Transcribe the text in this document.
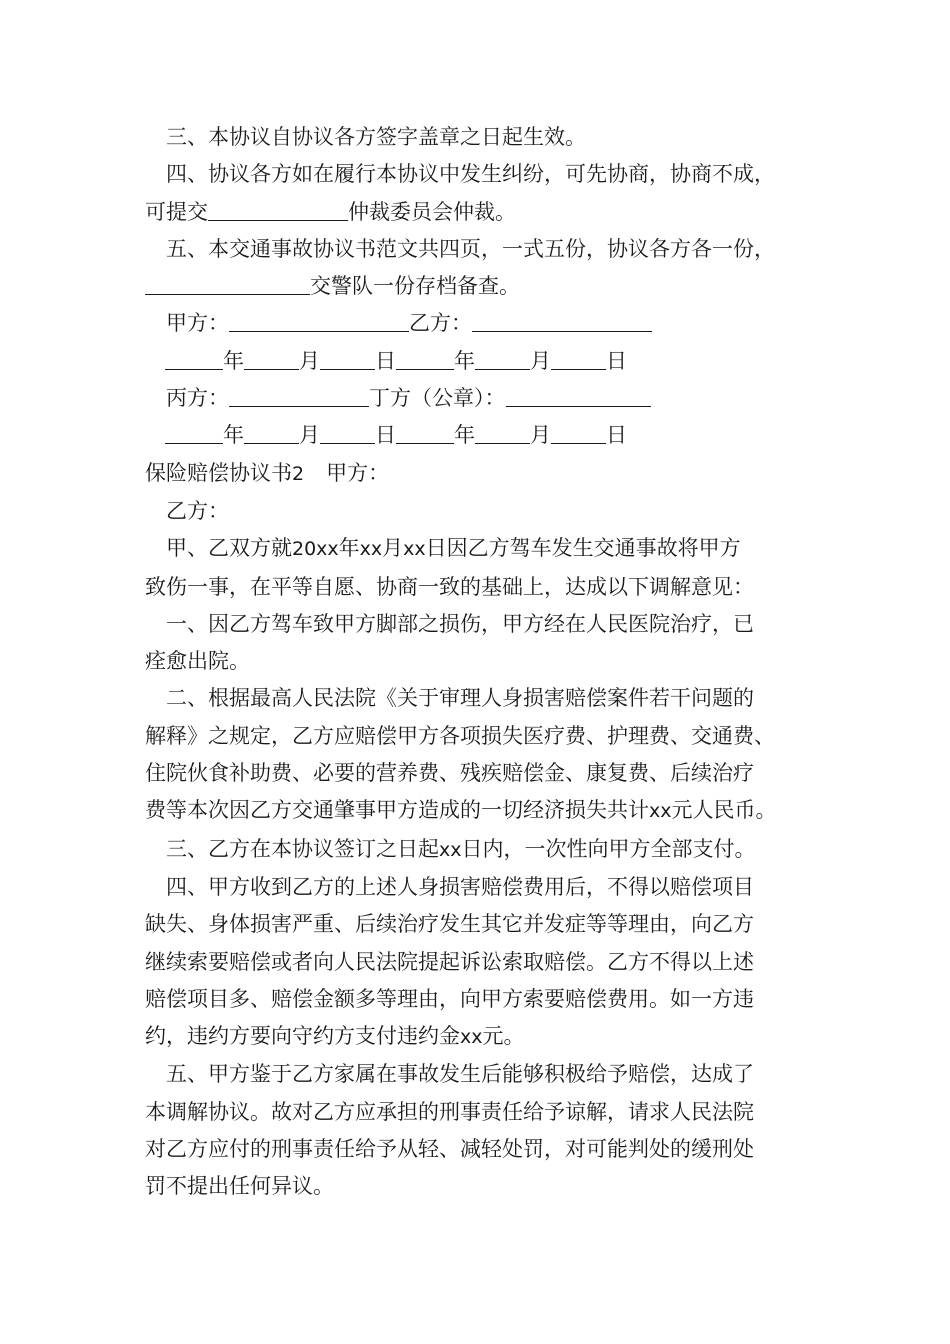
三、本协议自协议各方签字盖章之日起生效。

四、协议各方如在履行本协议中发生纠纷，可先协商，协商不成，

可提交	仲裁委员会仲裁。

五、本交通事故协议书范文共四页，一式五份，协议各方各一份，

交警队一份存档备查。

甲方：	乙方：

年	月	日	年	月	日

丙方：	丁方（公章）：

年	月	日	年	月	日

保险赔偿协议书2 甲方：

乙方：

甲、乙双方就20xx年xx月xx日因乙方驾车发生交通事故将甲方

致伤一事，在平等自愿、协商一致的基础上，达成以下调解意见：

一、因乙方驾车致甲方脚部之损伤，甲方经在人民医院治疗，已

痊愈出院。

二、根据最高人民法院《关于审理人身损害赔偿案件若干问题的

解释》之规定，乙方应赔偿甲方各项损失医疗费、护理费、交通费、

住院伙食补助费、必要的营养费、残疾赔偿金、康复费、后续治疗

费等本次因乙方交通肇事甲方造成的一切经济损失共计xx元人民币。

三、乙方在本协议签订之日起xx日内，一次性向甲方全部支付。

四、甲方收到乙方的上述人身损害赔偿费用后，不得以赔偿项目

缺失、身体损害严重、后续治疗发生其它并发症等等理由，向乙方

继续索要赔偿或者向人民法院提起诉讼索取赔偿。乙方不得以上述

赔偿项目多、赔偿金额多等理由，向甲方索要赔偿费用。如一方违

约，违约方要向守约方支付违约金xx元。

五、甲方鉴于乙方家属在事故发生后能够积极给予赔偿，达成了

本调解协议。故对乙方应承担的刑事责任给予谅解，请求人民法院

对乙方应付的刑事责任给予从轻、减轻处罚，对可能判处的缓刑处

罚不提出任何异议。
